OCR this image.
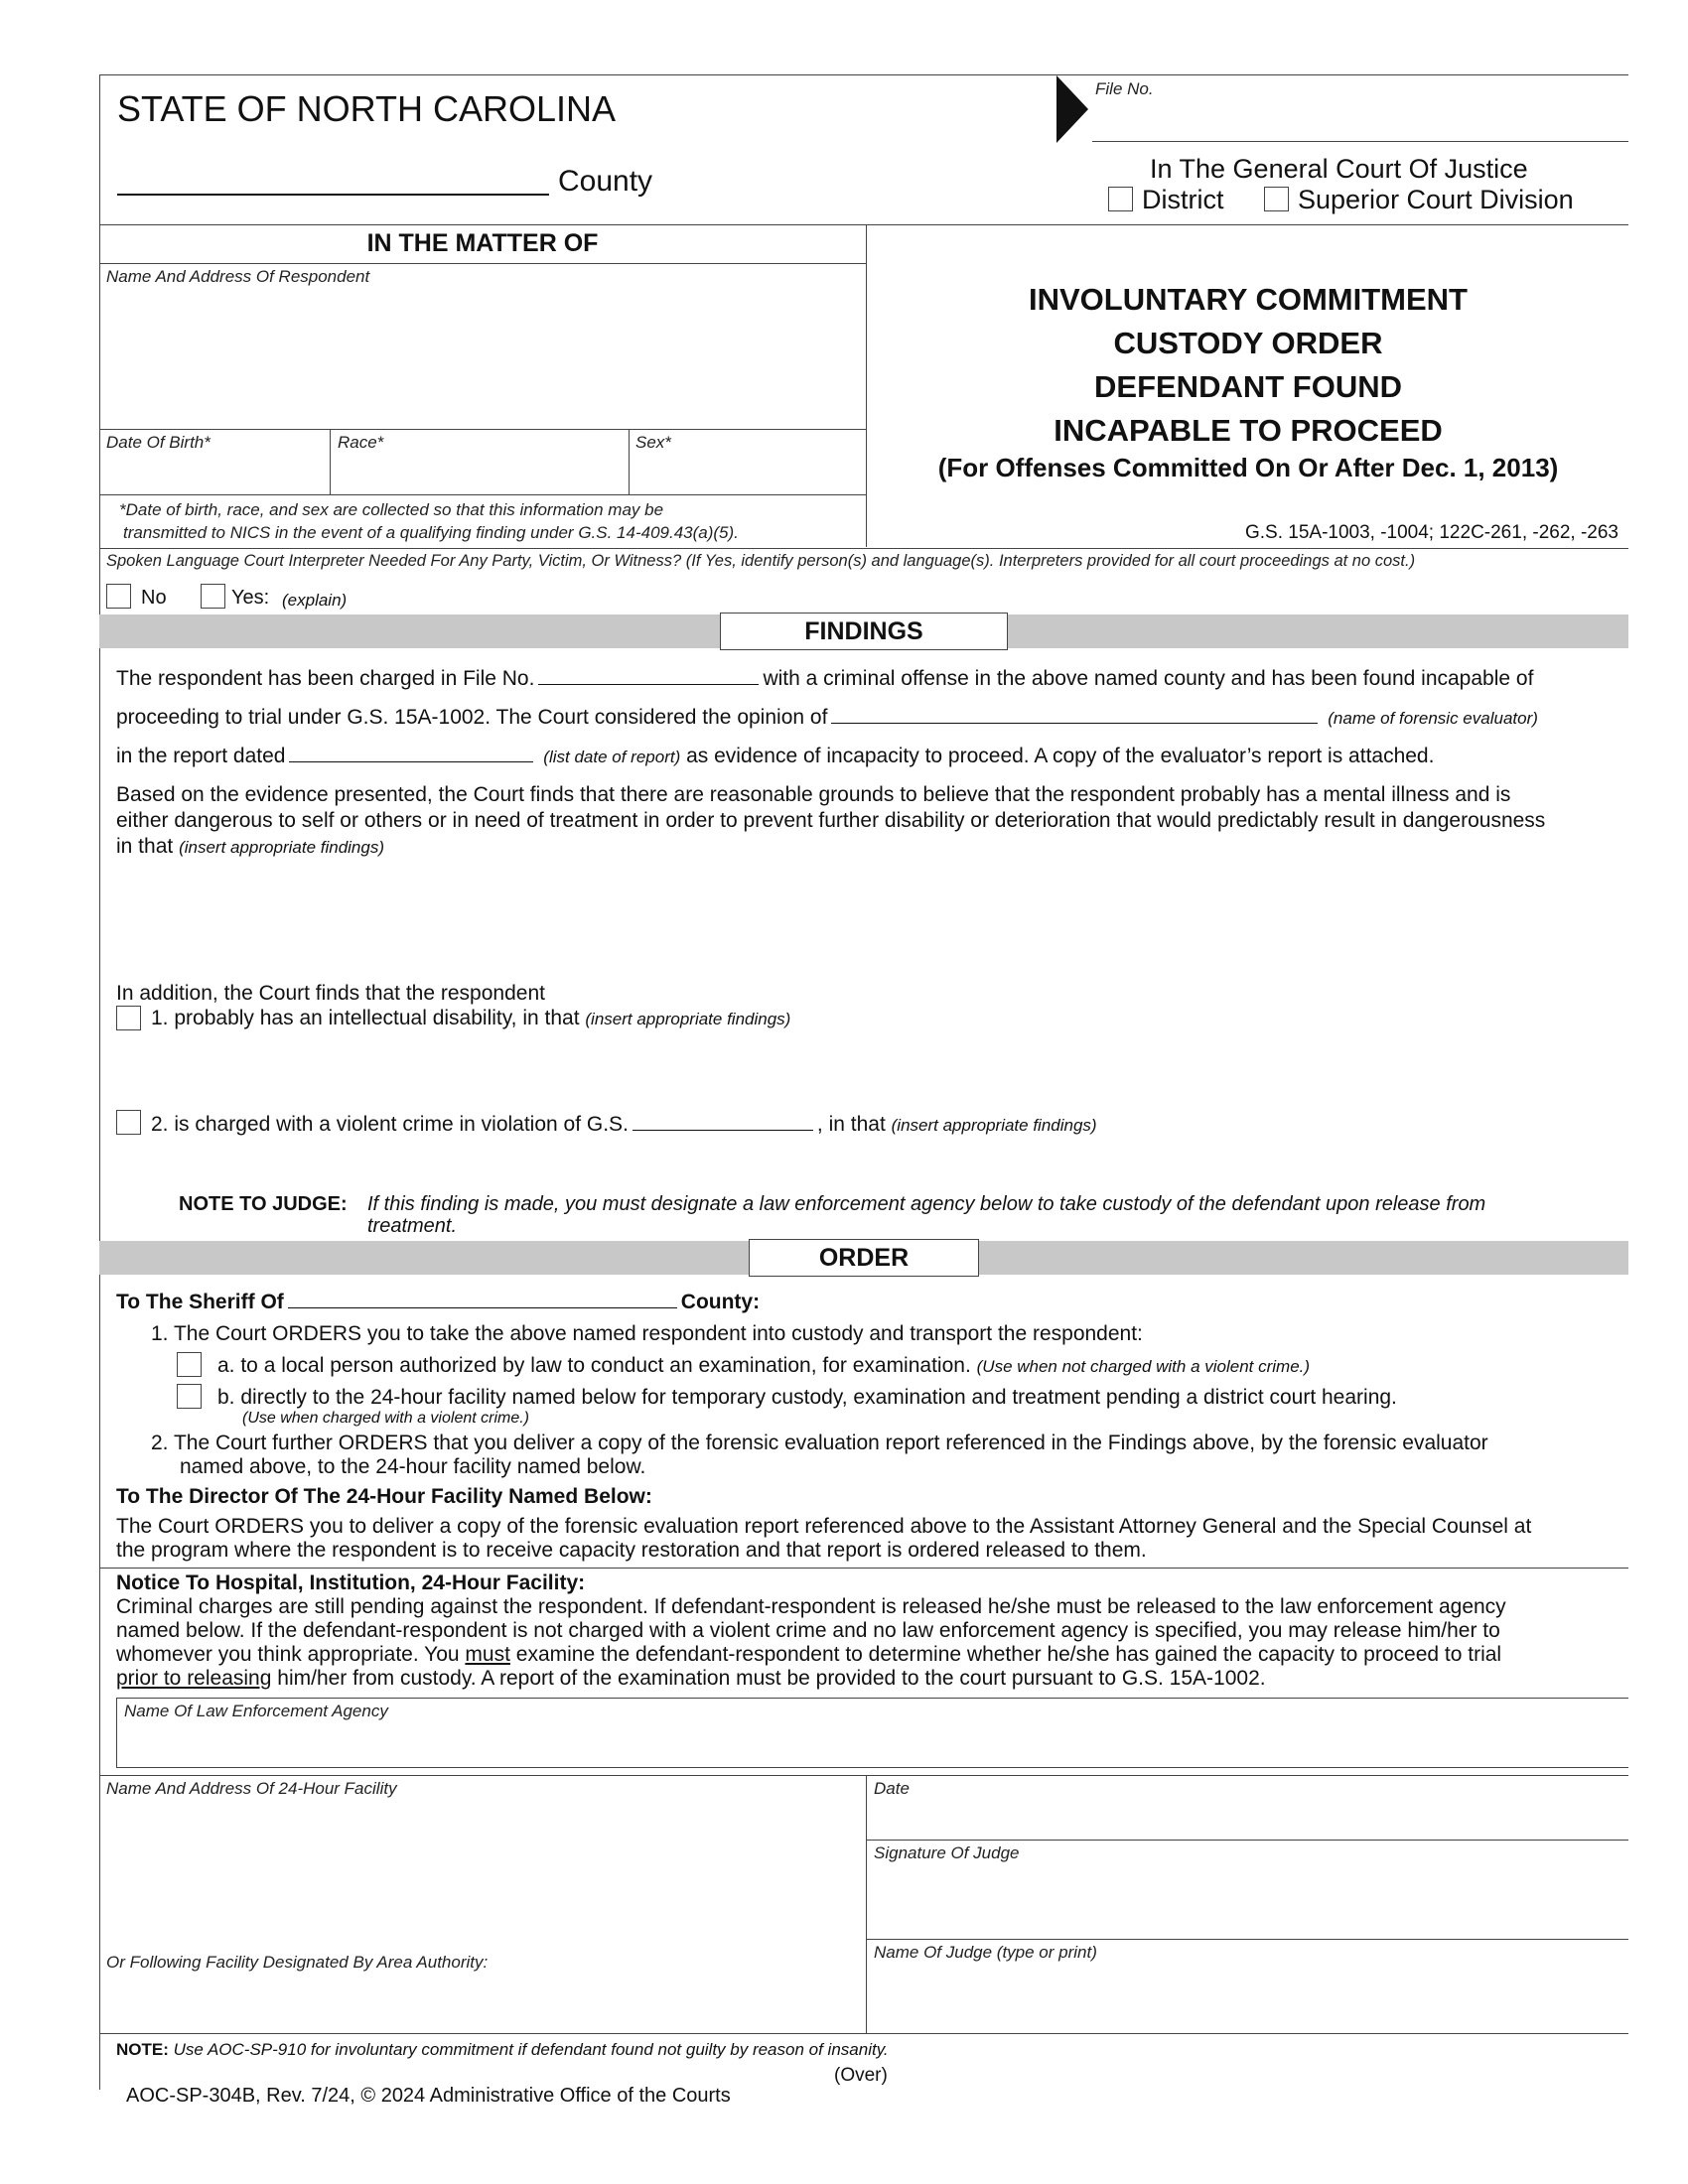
STATE OF NORTH CAROLINA
County
File No.
In The General Court Of Justice
District	Superior Court Division
IN THE MATTER OF
Name And Address Of Respondent
Date Of Birth*	Race*	Sex*
*Date of birth, race, and sex are collected so that this information may be
transmitted to NICS in the event of a qualifying finding under G.S. 14-409.43(a)(5).
INVOLUNTARY COMMITMENT
CUSTODY ORDER
DEFENDANT FOUND
INCAPABLE TO PROCEED
(For Offenses Committed On Or After Dec. 1, 2013)
G.S. 15A-1003, -1004; 122C-261, -262, -263
Spoken Language Court Interpreter Needed For Any Party, Victim, Or Witness? (If Yes, identify person(s) and language(s). Interpreters provided for all court proceedings at no cost.)
No	Yes: (explain)
FINDINGS
The respondent has been charged in File No.	with a criminal offense in the above named county and has been found incapable of
proceeding to trial under G.S. 15A-1002. The Court considered the opinion of	(name of forensic evaluator)
in the report dated	(list date of report) as evidence of incapacity to proceed. A copy of the evaluator’s report is attached.
Based on the evidence presented, the Court finds that there are reasonable grounds to believe that the respondent probably has a mental illness and is
either dangerous to self or others or in need of treatment in order to prevent further disability or deterioration that would predictably result in dangerousness
in that (insert appropriate findings)
In addition, the Court finds that the respondent
1. probably has an intellectual disability, in that (insert appropriate findings)
2. is charged with a violent crime in violation of G.S.	, in that (insert appropriate findings)
NOTE TO JUDGE: If this finding is made, you must designate a law enforcement agency below to take custody of the defendant upon release from
treatment.
ORDER
To The Sheriff Of	County:
1. The Court ORDERS you to take the above named respondent into custody and transport the respondent:
a. to a local person authorized by law to conduct an examination, for examination. (Use when not charged with a violent crime.)
b. directly to the 24-hour facility named below for temporary custody, examination and treatment pending a district court hearing.
(Use when charged with a violent crime.)
2. The Court further ORDERS that you deliver a copy of the forensic evaluation report referenced in the Findings above, by the forensic evaluator
named above, to the 24-hour facility named below.
To The Director Of The 24-Hour Facility Named Below:
The Court ORDERS you to deliver a copy of the forensic evaluation report referenced above to the Assistant Attorney General and the Special Counsel at
the program where the respondent is to receive capacity restoration and that report is ordered released to them.
Notice To Hospital, Institution, 24-Hour Facility:
Criminal charges are still pending against the respondent. If defendant-respondent is released he/she must be released to the law enforcement agency
named below. If the defendant-respondent is not charged with a violent crime and no law enforcement agency is specified, you may release him/her to
whomever you think appropriate. You must examine the defendant-respondent to determine whether he/she has gained the capacity to proceed to trial
prior to releasing him/her from custody. A report of the examination must be provided to the court pursuant to G.S. 15A-1002.
Name Of Law Enforcement Agency
Name And Address Of 24-Hour Facility
Or Following Facility Designated By Area Authority:
Date
Signature Of Judge
Name Of Judge (type or print)
NOTE: Use AOC-SP-910 for involuntary commitment if defendant found not guilty by reason of insanity.
(Over)
AOC-SP-304B, Rev. 7/24, © 2024 Administrative Office of the Courts
